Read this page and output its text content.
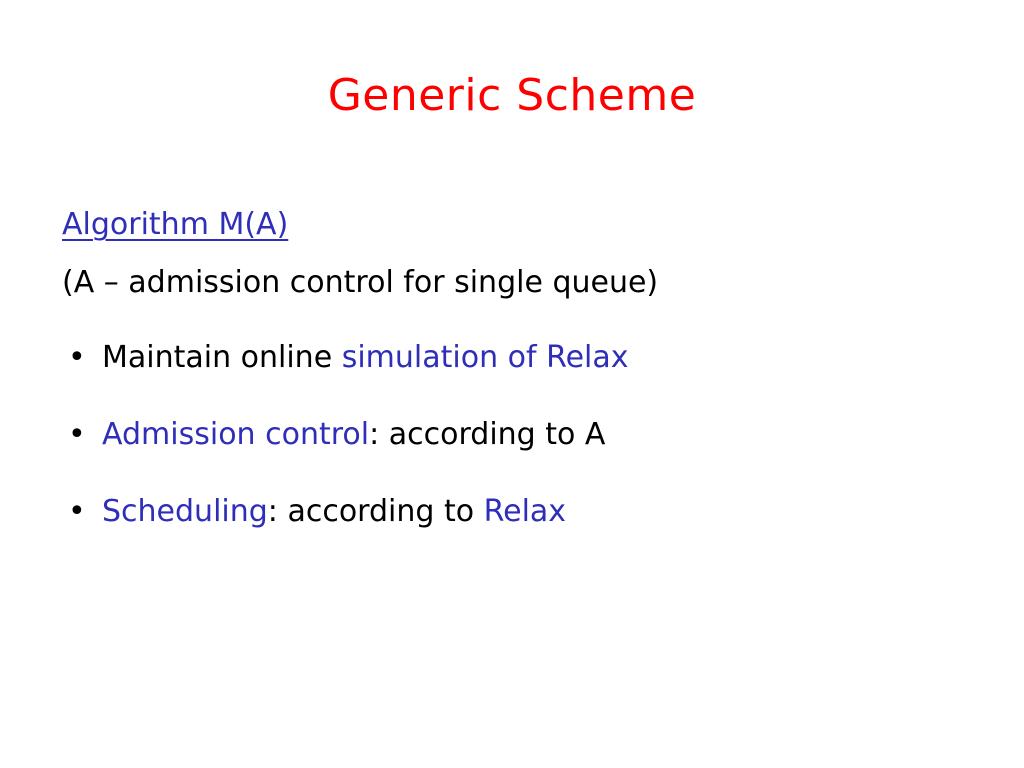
Generic Scheme
Algorithm M(A)
(A – admission control for single queue)
• Maintain online simulation of Relax
• Admission control: according to A
• Scheduling: according to Relax
